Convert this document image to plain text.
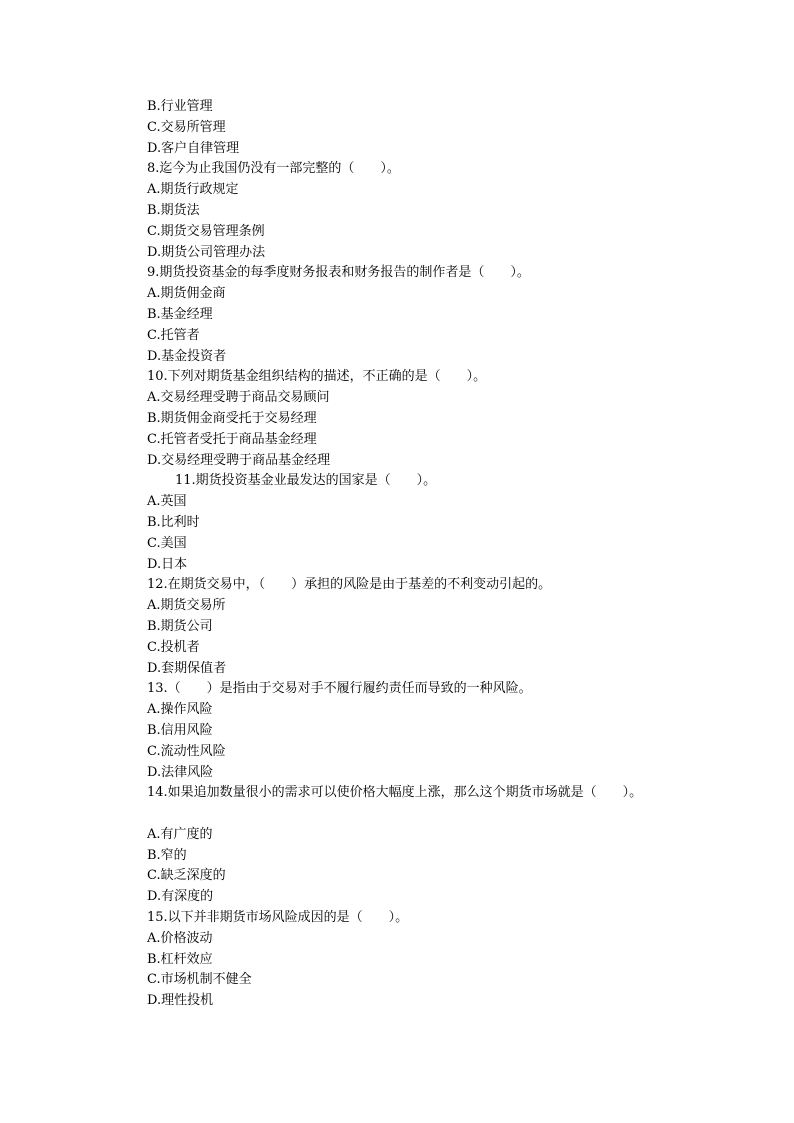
B.行业管理
C.交易所管理
D.客户自律管理
8.迄今为止我国仍没有一部完整的（　　）。
A.期货行政规定
B.期货法
C.期货交易管理条例
D.期货公司管理办法
9.期货投资基金的每季度财务报表和财务报告的制作者是（　　）。
A.期货佣金商
B.基金经理
C.托管者
D.基金投资者
10.下列对期货基金组织结构的描述，不正确的是（　　）。
A.交易经理受聘于商品交易顾问
B.期货佣金商受托于交易经理
C.托管者受托于商品基金经理
D.交易经理受聘于商品基金经理
11.期货投资基金业最发达的国家是（　　）。
A.英国
B.比利时
C.美国
D.日本
12.在期货交易中，（　　）承担的风险是由于基差的不利变动引起的。
A.期货交易所
B.期货公司
C.投机者
D.套期保值者
13.（　　）是指由于交易对手不履行履约责任而导致的一种风险。
A.操作风险
B.信用风险
C.流动性风险
D.法律风险
14.如果追加数量很小的需求可以使价格大幅度上涨，那么这个期货市场就是（　　）。
A.有广度的
B.窄的
C.缺乏深度的
D.有深度的
15.以下并非期货市场风险成因的是（　　）。
A.价格波动
B.杠杆效应
C.市场机制不健全
D.理性投机
